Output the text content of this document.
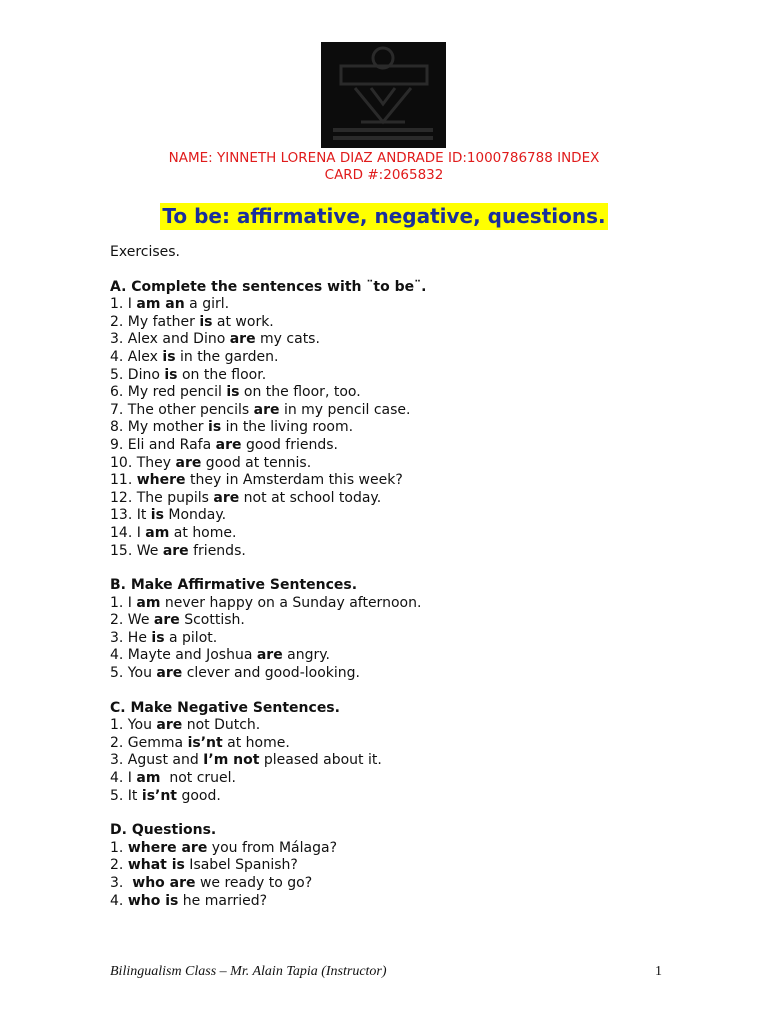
NAME: YINNETH LORENA DIAZ ANDRADE ID:1000786788 INDEX
CARD #:2065832
To be: affirmative, negative, questions.
Exercises.
A. Complete the sentences with ¨to be¨.
1. I am an a girl.
2. My father is at work.
3. Alex and Dino are my cats.
4. Alex is in the garden.
5. Dino is on the floor.
6. My red pencil is on the floor, too.
7. The other pencils are in my pencil case.
8. My mother is in the living room.
9. Eli and Rafa are good friends.
10. They are good at tennis.
11. where they in Amsterdam this week?
12. The pupils are not at school today.
13. It is Monday.
14. I am at home.
15. We are friends.
B. Make Affirmative Sentences.
1. I am never happy on a Sunday afternoon.
2. We are Scottish.
3. He is a pilot.
4. Mayte and Joshua are angry.
5. You are clever and good-looking.
C. Make Negative Sentences.
1. You are not Dutch.
2. Gemma is’nt at home.
3. Agust and I’m not pleased about it.
4. I am  not cruel.
5. It is’nt good.
D. Questions.
1. where are you from Málaga?
2. what is Isabel Spanish?
3.  who are we ready to go?
4. who is he married?
Bilingualism Class – Mr. Alain Tapia (Instructor)	1
